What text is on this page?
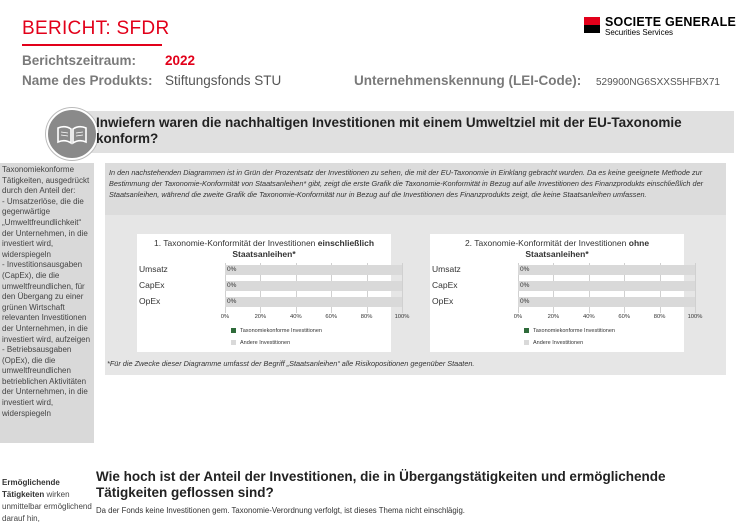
BERICHT: SFDR
Berichtszeitraum: 2022
Name des Produkts: Stiftungsfonds STU	Unternehmenskennung (LEI-Code): 529900NG6SXXS5HFBX71
SOCIETE GENERALE
Securities Services
Inwiefern waren die nachhaltigen Investitionen mit einem Umweltziel mit der EU-Taxonomie konform?

Taxonomiekonforme Tätigkeiten, ausgedrückt durch den Anteil der:

- Umsatzerlöse, die die gegenwärtige „Umweltfreundlichkeit“ der Unternehmen, in die investiert wird, widerspiegeln

- Investitionsausgaben (CapEx), die die umweltfreundlichen, für den Übergang zu einer grünen Wirtschaft relevanten Investitionen der Unternehmen, in die investiert wird, aufzeigen

- Betriebsausgaben (OpEx), die die umweltfreundlichen betrieblichen Aktivitäten der Unternehmen, in die investiert wird, widerspiegeln

In den nachstehenden Diagrammen ist in Grün der Prozentsatz der Investitionen zu sehen, die mit der EU-Taxonomie in Einklang gebracht wurden. Da es keine geeignete Methode zur Bestimmung der Taxonomie-Konformität von Staatsanleihen* gibt, zeigt die erste Grafik die Taxonomie-Konformität in Bezug auf alle Investitionen des Finanzprodukts einschließlich der Staatsanleihen, während die zweite Grafik die Taxonomie-Konformität nur in Bezug auf die Investitionen des Finanzprodukts zeigt, die keine Staatsanleihen umfassen.
1. Taxonomie-Konformität der Investitionen einschließlich Staatsanleihen*
Umsatz
CapEx
OpEx
0%
0%
0%
0%	20%	40%	60%	80%	100%
Taxonomiekonforme Investitionen
Andere Investitionen
2. Taxonomie-Konformität der Investitionen ohne Staatsanleihen*
Umsatz
CapEx
OpEx
0%
0%
0%
0%	20%	40%	60%	80%	100%
Taxonomiekonforme Investitionen
Andere Investitionen
*Für die Zwecke dieser Diagramme umfasst der Begriff „Staatsanleihen“ alle Risikopositionen gegenüber Staaten.
Ermöglichende Tätigkeiten wirken unmittelbar ermöglichend darauf hin,
Wie hoch ist der Anteil der Investitionen, die in Übergangstätigkeiten und ermöglichende Tätigkeiten geflossen sind?
Da der Fonds keine Investitionen gem. Taxonomie-Verordnung verfolgt, ist dieses Thema nicht einschlägig.
